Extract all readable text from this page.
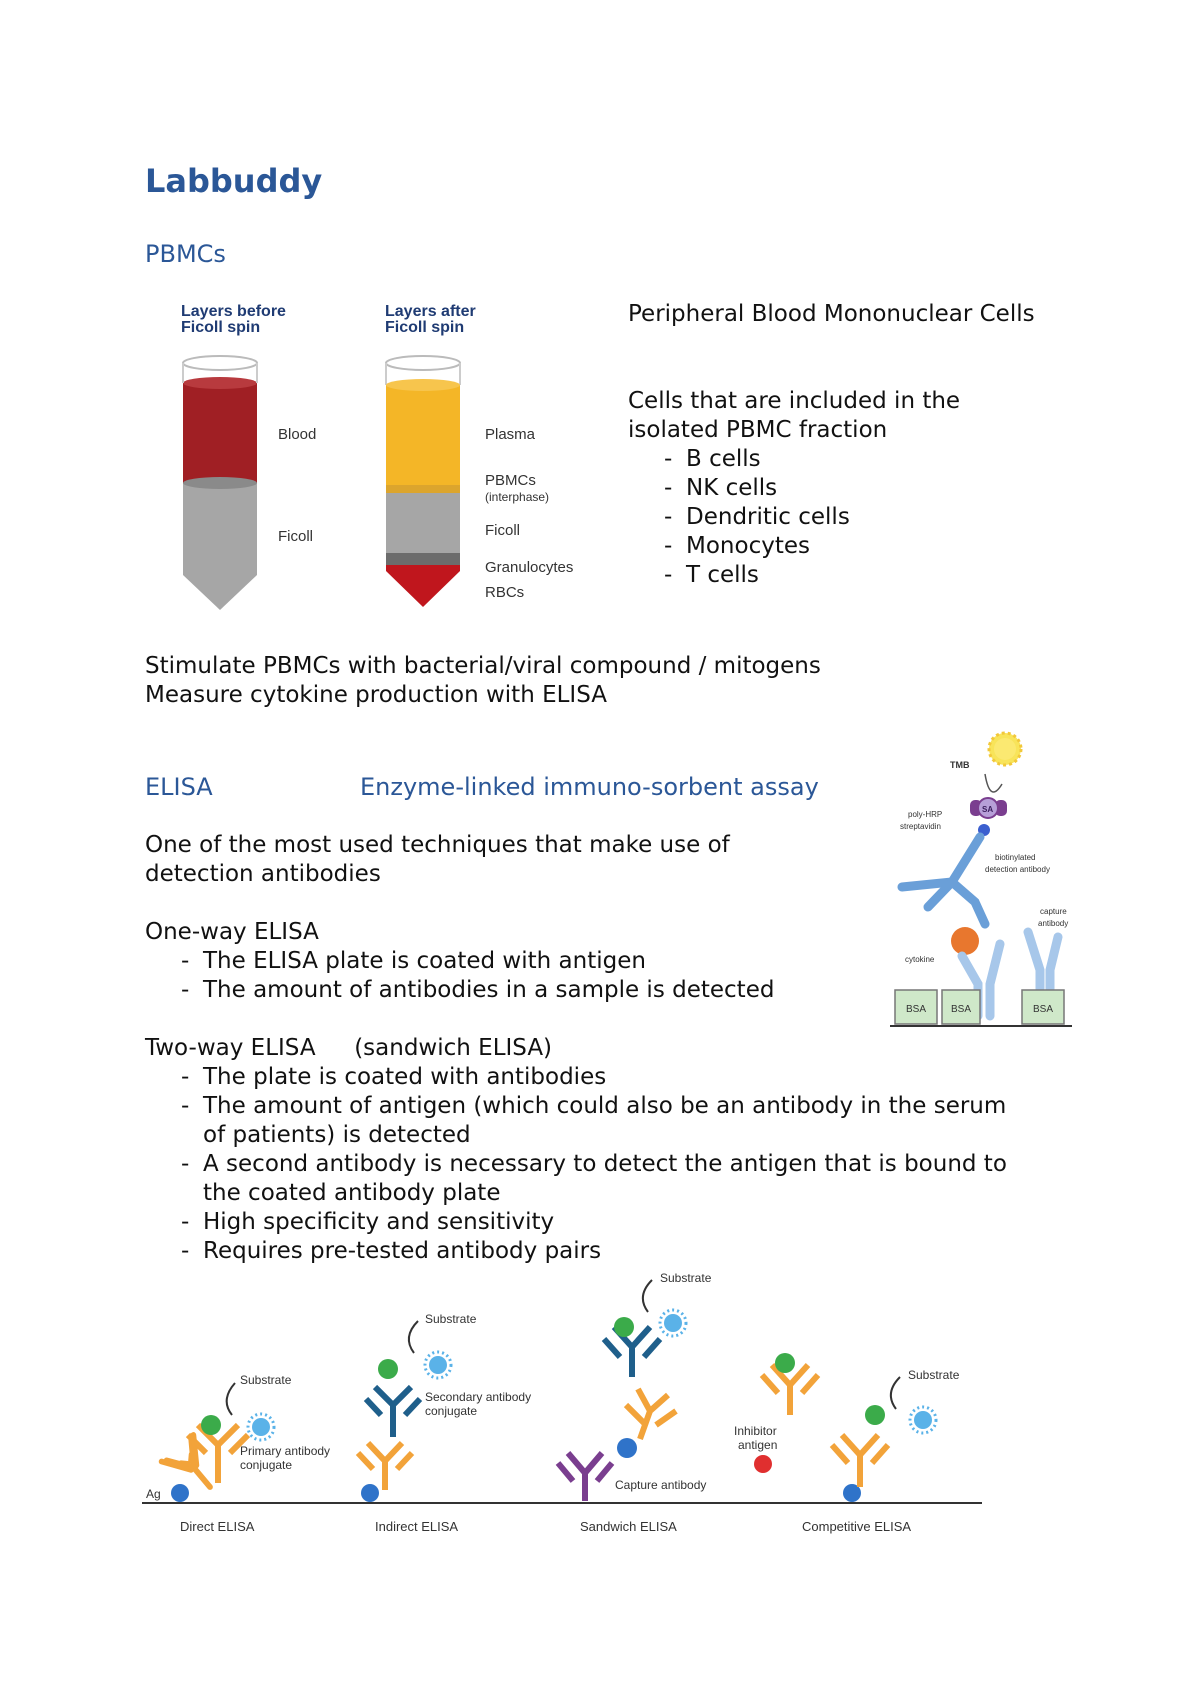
Labbuddy
PBMCs
Layers before
Ficoll spin
Layers after
Ficoll spin
Blood
Ficoll
Plasma
PBMCs
(interphase)
Ficoll
Granulocytes
RBCs
Peripheral Blood Mononuclear Cells
Cells that are included in the
isolated PBMC fraction
- B cells
- NK cells
- Dendritic cells
- Monocytes
- T cells
Stimulate PBMCs with bacterial/viral compound / mitogens
Measure cytokine production with ELISA
ELISA	Enzyme-linked immuno-sorbent assay
One of the most used techniques that make use of
detection antibodies
One-way ELISA
- The ELISA plate is coated with antigen
- The amount of antibodies in a sample is detected
Two-way ELISA (sandwich ELISA)
- The plate is coated with antibodies
- The amount of antigen (which could also be an antibody in the serum
of patients) is detected
- A second antibody is necessary to detect the antigen that is bound to
the coated antibody plate
- High specificity and sensitivity
- Requires pre-tested antibody pairs
TMB
SA
poly-HRP
streptavidin
biotinylated
detection antibody
cytokine
capture
antibody
BSA BSA	BSA
Substrate
Primary antibody
conjugate
Ag
Substrate
Secondary antibody
conjugate
Substrate
Capture antibody
Substrate
Inhibitor
antigen
Direct ELISA	Indirect ELISA	Sandwich ELISA	Competitive ELISA
